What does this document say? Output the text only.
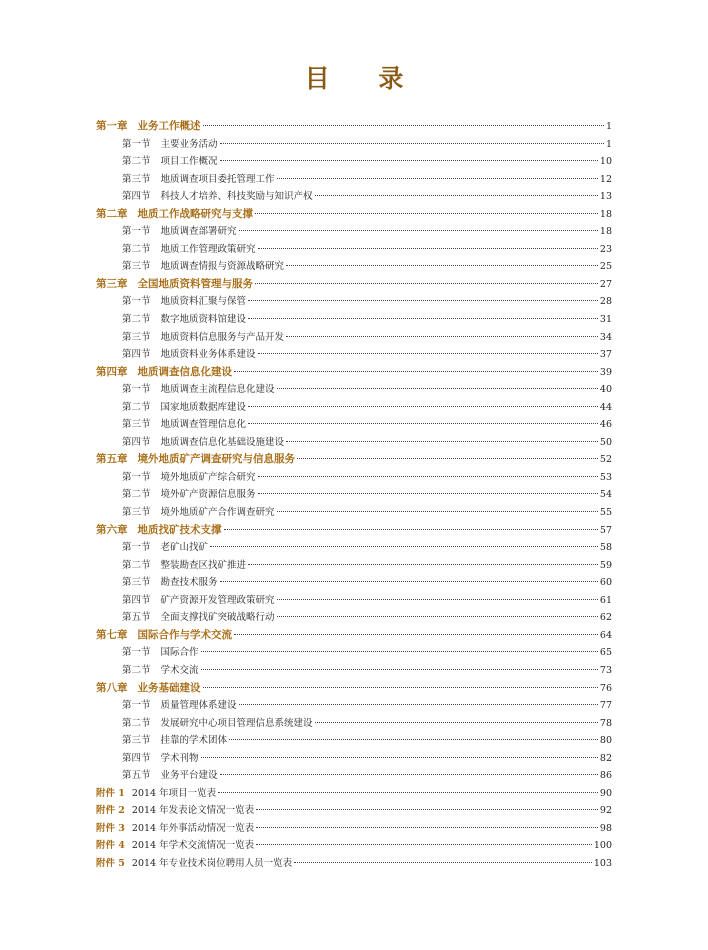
目 录
第一章 业务工作概述	1
第一节 主要业务活动	1
第二节 项目工作概况	10
第三节 地质调查项目委托管理工作	12
第四节 科技人才培养、科技奖励与知识产权	13
第二章 地质工作战略研究与支撑	18
第一节 地质调查部署研究	18
第二节 地质工作管理政策研究	23
第三节 地质调查情报与资源战略研究	25
第三章 全国地质资料管理与服务	27
第一节 地质资料汇聚与保管	28
第二节 数字地质资料馆建设	31
第三节 地质资料信息服务与产品开发	34
第四节 地质资料业务体系建设	37
第四章 地质调查信息化建设	39
第一节 地质调查主流程信息化建设	40
第二节 国家地质数据库建设	44
第三节 地质调查管理信息化	46
第四节 地质调查信息化基础设施建设	50
第五章 境外地质矿产调查研究与信息服务	52
第一节 境外地质矿产综合研究	53
第二节 境外矿产资源信息服务	54
第三节 境外地质矿产合作调查研究	55
第六章 地质找矿技术支撑	57
第一节 老矿山找矿	58
第二节 整装勘查区找矿推进	59
第三节 勘查技术服务	60
第四节 矿产资源开发管理政策研究	61
第五节 全面支撑找矿突破战略行动	62
第七章 国际合作与学术交流	64
第一节 国际合作	65
第二节 学术交流	73
第八章 业务基础建设	76
第一节 质量管理体系建设	77
第二节 发展研究中心项目管理信息系统建设	78
第三节 挂靠的学术团体	80
第四节 学术刊物	82
第五节 业务平台建设	86
附件 1 2014 年项目一览表	90
附件 2 2014 年发表论文情况一览表	92
附件 3 2014 年外事活动情况一览表	98
附件 4 2014 年学术交流情况一览表	100
附件 5 2014 年专业技术岗位聘用人员一览表	103
